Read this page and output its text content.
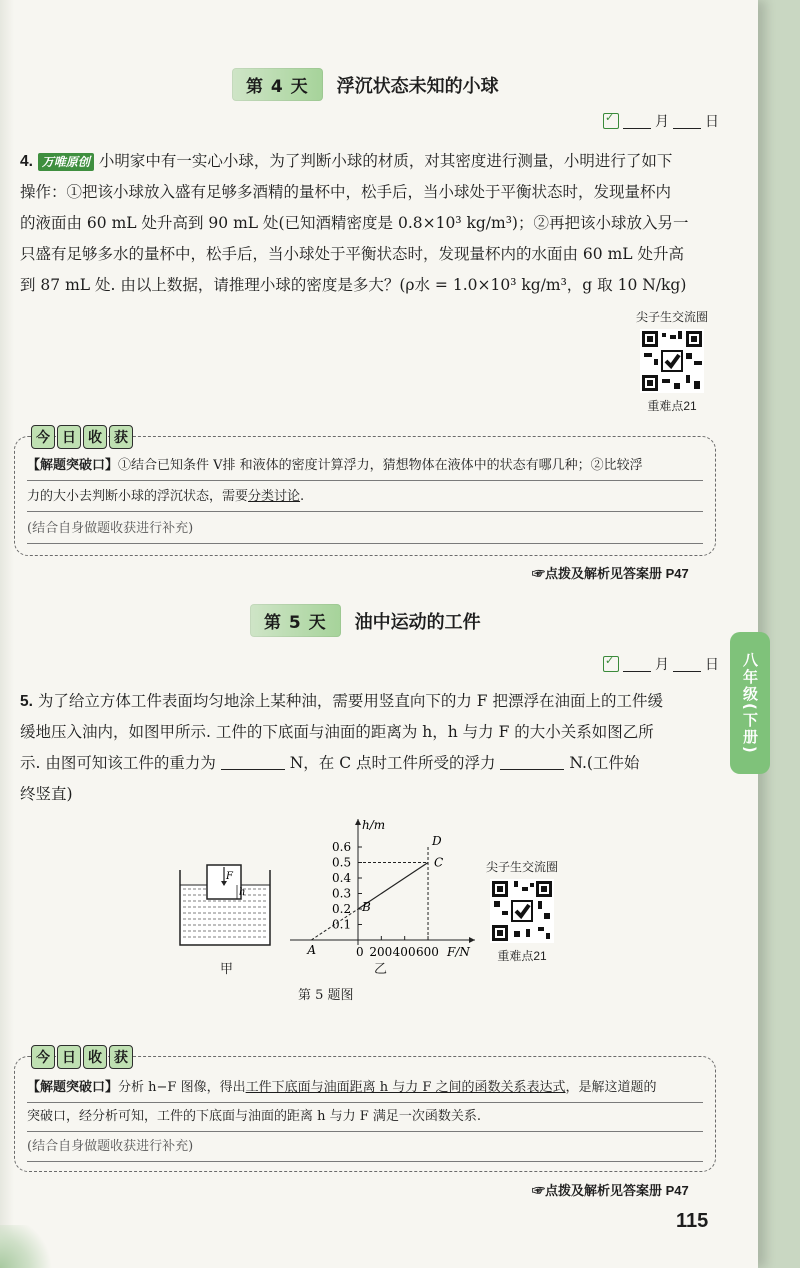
第 4 天	浮沉状态未知的小球
✓
月	日
4. 万唯原创 小明家中有一实心小球，为了判断小球的材质，对其密度进行测量，小明进行了如下
操作：①把该小球放入盛有足够多酒精的量杯中，松手后，当小球处于平衡状态时，发现量杯内
的液面由 60 mL 处升高到 90 mL 处(已知酒精密度是 0.8×10³ kg/m³)；②再把该小球放入另一
只盛有足够多水的量杯中，松手后，当小球处于平衡状态时，发现量杯内的水面由 60 mL 处升高
到 87 mL 处. 由以上数据，请推理小球的密度是多大？(ρ水 = 1.0×10³ kg/m³，g 取 10 N/kg)
尖子生交流圈
重难点21
今 日 收 获
【解题突破口】①结合已知条件 V排 和液体的密度计算浮力，猜想物体在液体中的状态有哪几种；②比较浮
力的大小去判断小球的浮沉状态，需要分类讨论.
(结合自身做题收获进行补充)
☞点拨及解析见答案册 P47
第 5 天	油中运动的工件
✓
月	日
5. 为了给立方体工件表面均匀地涂上某种油，需要用竖直向下的力 F 把漂浮在油面上的工件缓
缓地压入油内，如图甲所示. 工件的下底面与油面的距离为 h，h 与力 F 的大小关系如图乙所
示. 由图可知该工件的重力为	N，在 C 点时工件所受的浮力	N.(工件始
终竖直)
F
h
甲
h/m
F/N
0
0.1
0.2
0.3
0.4
0.5
0.6
200 400 600
A
B
C
D
乙
第 5 题图
尖子生交流圈
重难点21
今 日 收 获
【解题突破口】分析 h−F 图像，得出工件下底面与油面距离 h 与力 F 之间的函数关系表达式，是解这道题的
突破口，经分析可知，工件的下底面与油面的距离 h 与力 F 满足一次函数关系.
(结合自身做题收获进行补充)
☞点拨及解析见答案册 P47
115
八年级(下册)
